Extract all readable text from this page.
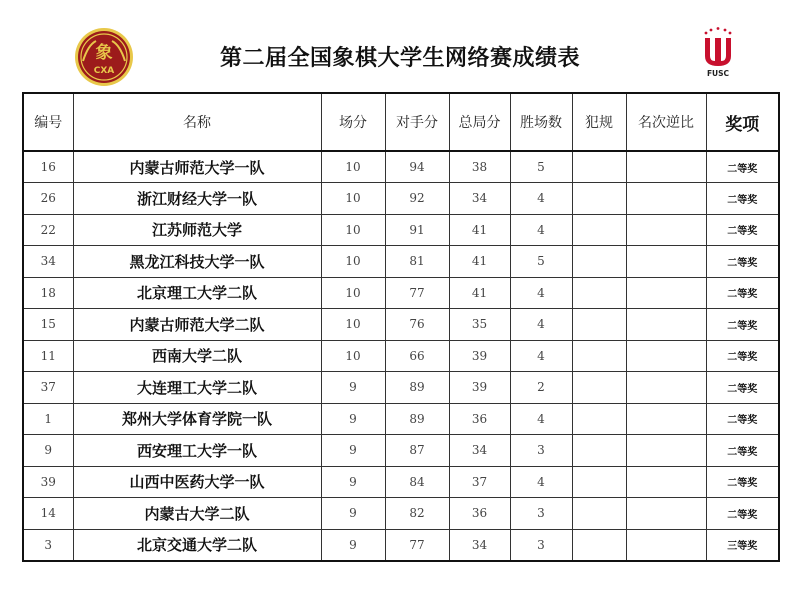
象
CXA	第二届全国象棋大学生网络赛成绩表
FUSC
编号	名称	场分	对手分	总局分	胜场数	犯规	名次逆比	奖项
16	内蒙古师范大学一队	10	94	38	5			二等奖
26	浙江财经大学一队	10	92	34	4			二等奖
22	江苏师范大学	10	91	41	4			二等奖
34	黑龙江科技大学一队	10	81	41	5			二等奖
18	北京理工大学二队	10	77	41	4			二等奖
15	内蒙古师范大学二队	10	76	35	4			二等奖
11	西南大学二队	10	66	39	4			二等奖
37	大连理工大学二队	9	89	39	2			二等奖
1	郑州大学体育学院一队	9	89	36	4			二等奖
9	西安理工大学一队	9	87	34	3			二等奖
39	山西中医药大学一队	9	84	37	4			二等奖
14	内蒙古大学二队	9	82	36	3			二等奖
3	北京交通大学二队	9	77	34	3			三等奖
